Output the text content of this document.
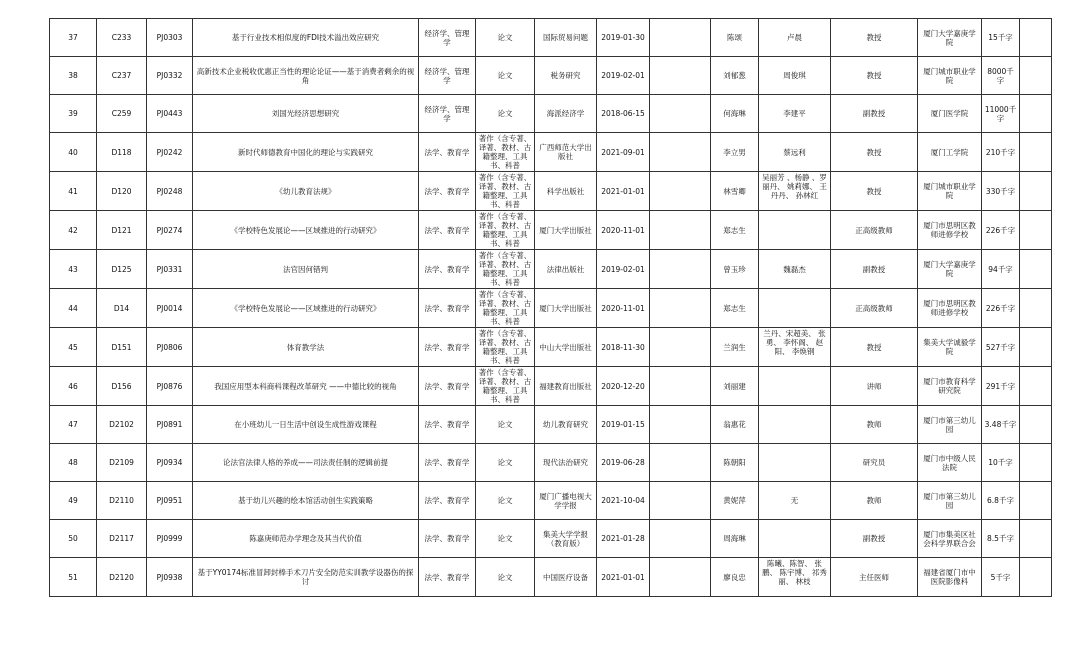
37	C233	PJ0303	基于行业技术相似度的FDI技术溢出效应研究	经济学、管理学	论文	国际贸易问题	2019-01-30		陈颂	卢晨	教授	厦门大学嘉庚学院	15千字	
38	C237	PJ0332	高新技术企业税收优惠正当性的理论论证——基于消费者剩余的视角	经济学、管理学	论文	税务研究	2019-02-01		刘郁葱	周俊琪	教授	厦门城市职业学院	8000千字	
39	C259	PJ0443	刘国光经济思想研究	经济学、管理学	论文	海派经济学	2018-06-15		何海琳	李建平	副教授	厦门医学院	11000千字	
40	D118	PJ0242	新时代师德教育中国化的理论与实践研究	法学、教育学	著作（含专著、译著、教材、古籍整理、工具书、科普	广西师范大学出版社	2021-09-01		李立男	蔡远利	教授	厦门工学院	210千字	
41	D120	PJ0248	《幼儿教育法规》	法学、教育学	著作（含专著、译著、教材、古籍整理、工具书、科普	科学出版社	2021-01-01		林雪卿	吴丽芳 、杨静 、罗丽丹、 姚莉娜、 王丹丹、 孙林红	教授	厦门城市职业学院	330千字	
42	D121	PJ0274	《学校特色发展论——区域推进的行动研究》	法学、教育学	著作（含专著、译著、教材、古籍整理、工具书、科普	厦门大学出版社	2020-11-01		郑志生		正高级教师	厦门市思明区教师进修学校	226千字	
43	D125	PJ0331	法官因何错判	法学、教育学	著作（含专著、译著、教材、古籍整理、工具书、科普	法律出版社	2019-02-01		曾玉珍	魏磊杰	副教授	厦门大学嘉庚学院	94千字	
44	D14	PJ0014	《学校特色发展论——区域推进的行动研究》	法学、教育学	著作（含专著、译著、教材、古籍整理、工具书、科普	厦门大学出版社	2020-11-01		郑志生		正高级教师	厦门市思明区教师进修学校	226千字	
45	D151	PJ0806	体育教学法	法学、教育学	著作（含专著、译著、教材、古籍整理、工具书、科普	中山大学出版社	2018-11-30		兰润生	兰丹、宋超美、 张勇、 李怀阁、 赵阳、 李焕钢	教授	集美大学诚毅学院	527千字	
46	D156	PJ0876	我国应用型本科商科课程改革研究 ——中德比较的视角	法学、教育学	著作（含专著、译著、教材、古籍整理、工具书、科普	福建教育出版社	2020-12-20		刘丽建		讲师	厦门市教育科学研究院	291千字	
47	D2102	PJ0891	在小班幼儿一日生活中创设生成性游戏课程	法学、教育学	论文	幼儿教育研究	2019-01-15		翁惠花		教师	厦门市第三幼儿园	3.48千字	
48	D2109	PJ0934	论法官法律人格的养成——司法责任制的逻辑前提	法学、教育学	论文	现代法治研究	2019-06-28		陈朝阳		研究员	厦门市中级人民法院	10千字	
49	D2110	PJ0951	基于幼儿兴趣的绘本馆活动创生实践策略	法学、教育学	论文	厦门广播电视大学学报	2021-10-04		黄妮萍	无	教师	厦门市第三幼儿园	6.8千字	
50	D2117	PJ0999	陈嘉庚师范办学理念及其当代价值	法学、教育学	论文	集美大学学报（教育版）	2021-01-28		周海琳		副教授	厦门市集美区社会科学界联合会	8.5千字	
51	D2120	PJ0938	基于YY0174标准冒卸封棒手术刀片安全防范实训教学设器伤的探讨	法学、教育学	论文	中国医疗设备	2021-01-01		廖良忠	陈曦、陈智、 张鹏、 陈宇博、 祁秀丽、 林枝	主任医师	福建省厦门市中医院影像科	5千字	
